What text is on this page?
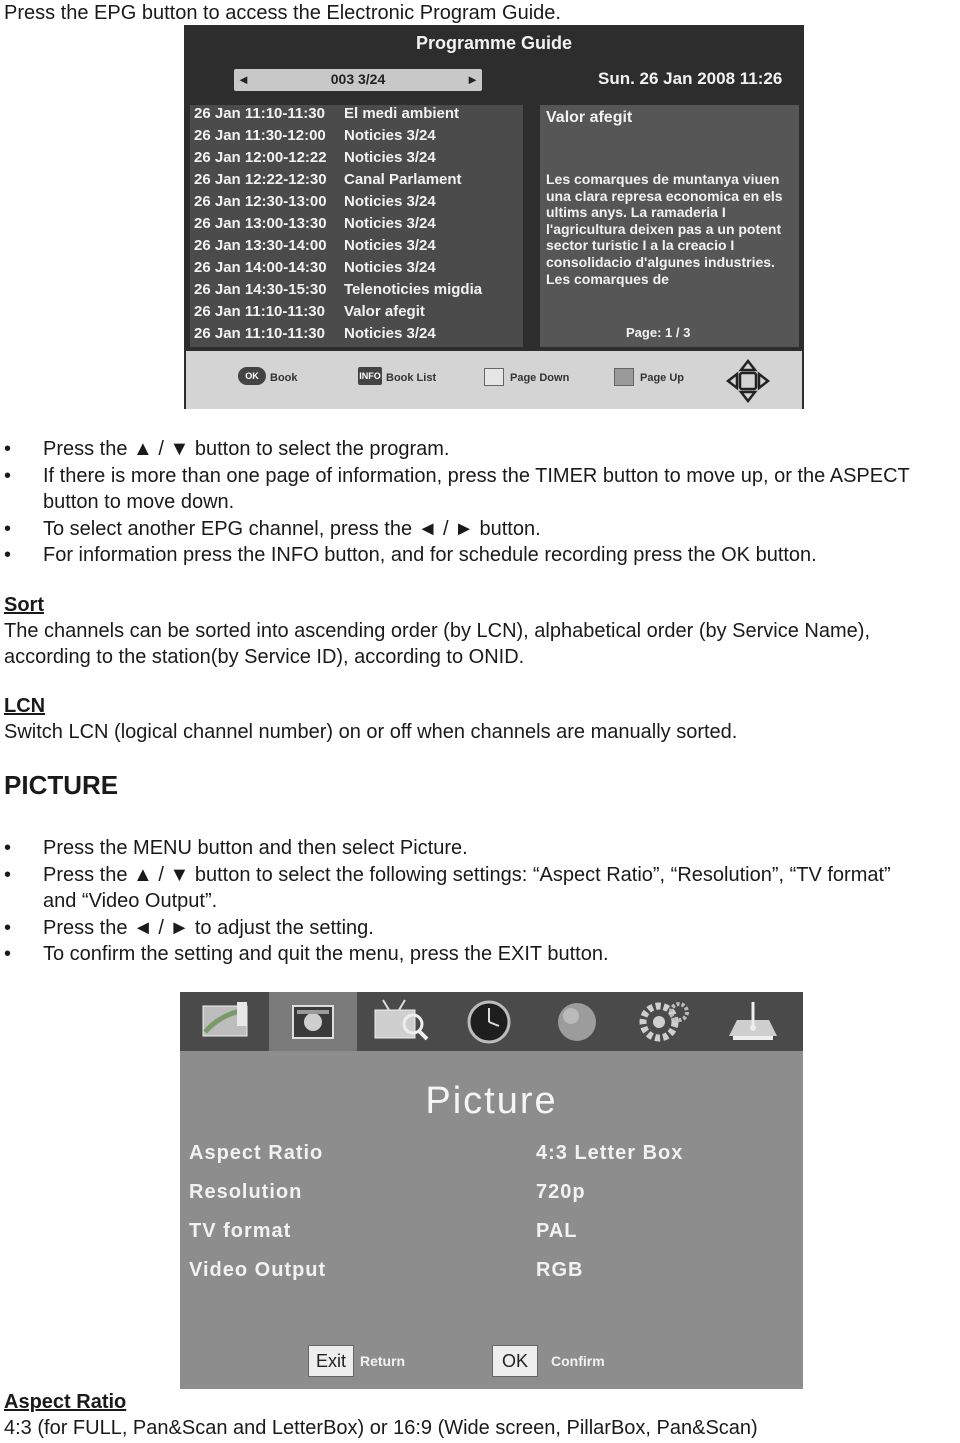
Press the EPG button to access the Electronic Program Guide.

Programme Guide
◄	003 3/24	►	Sun. 26 Jan 2008 11:26
26 Jan 11:10-11:30 El medi ambient
26 Jan 11:30-12:00 Noticies 3/24
26 Jan 12:00-12:22 Noticies 3/24
26 Jan 12:22-12:30 Canal Parlament
26 Jan 12:30-13:00 Noticies 3/24
26 Jan 13:00-13:30 Noticies 3/24
26 Jan 13:30-14:00 Noticies 3/24
26 Jan 14:00-14:30 Noticies 3/24
26 Jan 14:30-15:30 Telenoticies migdia
26 Jan 11:10-11:30 Valor afegit
26 Jan 11:10-11:30 Noticies 3/24
Valor afegit
Les comarques de muntanya viuen una clara represa economica en els ultims anys. La ramaderia I l'agricultura deixen pas a un potent sector turistic I a la creacio I consolidacio d'algunes industries. Les comarques de
Page: 1 / 3
OK	Book	INFO Book List	Page Down	Page Up
• Press the ▲ / ▼ button to select the program.
• If there is more than one page of information, press the TIMER button to move up, or the ASPECT button to move down.
• To select another EPG channel, press the ◄ / ► button.
• For information press the INFO button, and for schedule recording press the OK button.

Sort

The channels can be sorted into ascending order (by LCN), alphabetical order (by Service Name), according to the station(by Service ID), according to ONID.

LCN

Switch LCN (logical channel number) on or off when channels are manually sorted.

PICTURE
• Press the MENU button and then select Picture.
• Press the ▲ / ▼ button to select the following settings: “Aspect Ratio”, “Resolution”, “TV format” and “Video Output”.
• Press the ◄ / ► to adjust the setting.
• To confirm the setting and quit the menu, press the EXIT button.
Picture
Aspect Ratio	4:3 Letter Box
Resolution	720p
TV format	PAL
Video Output	RGB
Exit	Return	OK	Confirm

Aspect Ratio

4:3 (for FULL, Pan&Scan and LetterBox) or 16:9 (Wide screen, PillarBox, Pan&Scan)
